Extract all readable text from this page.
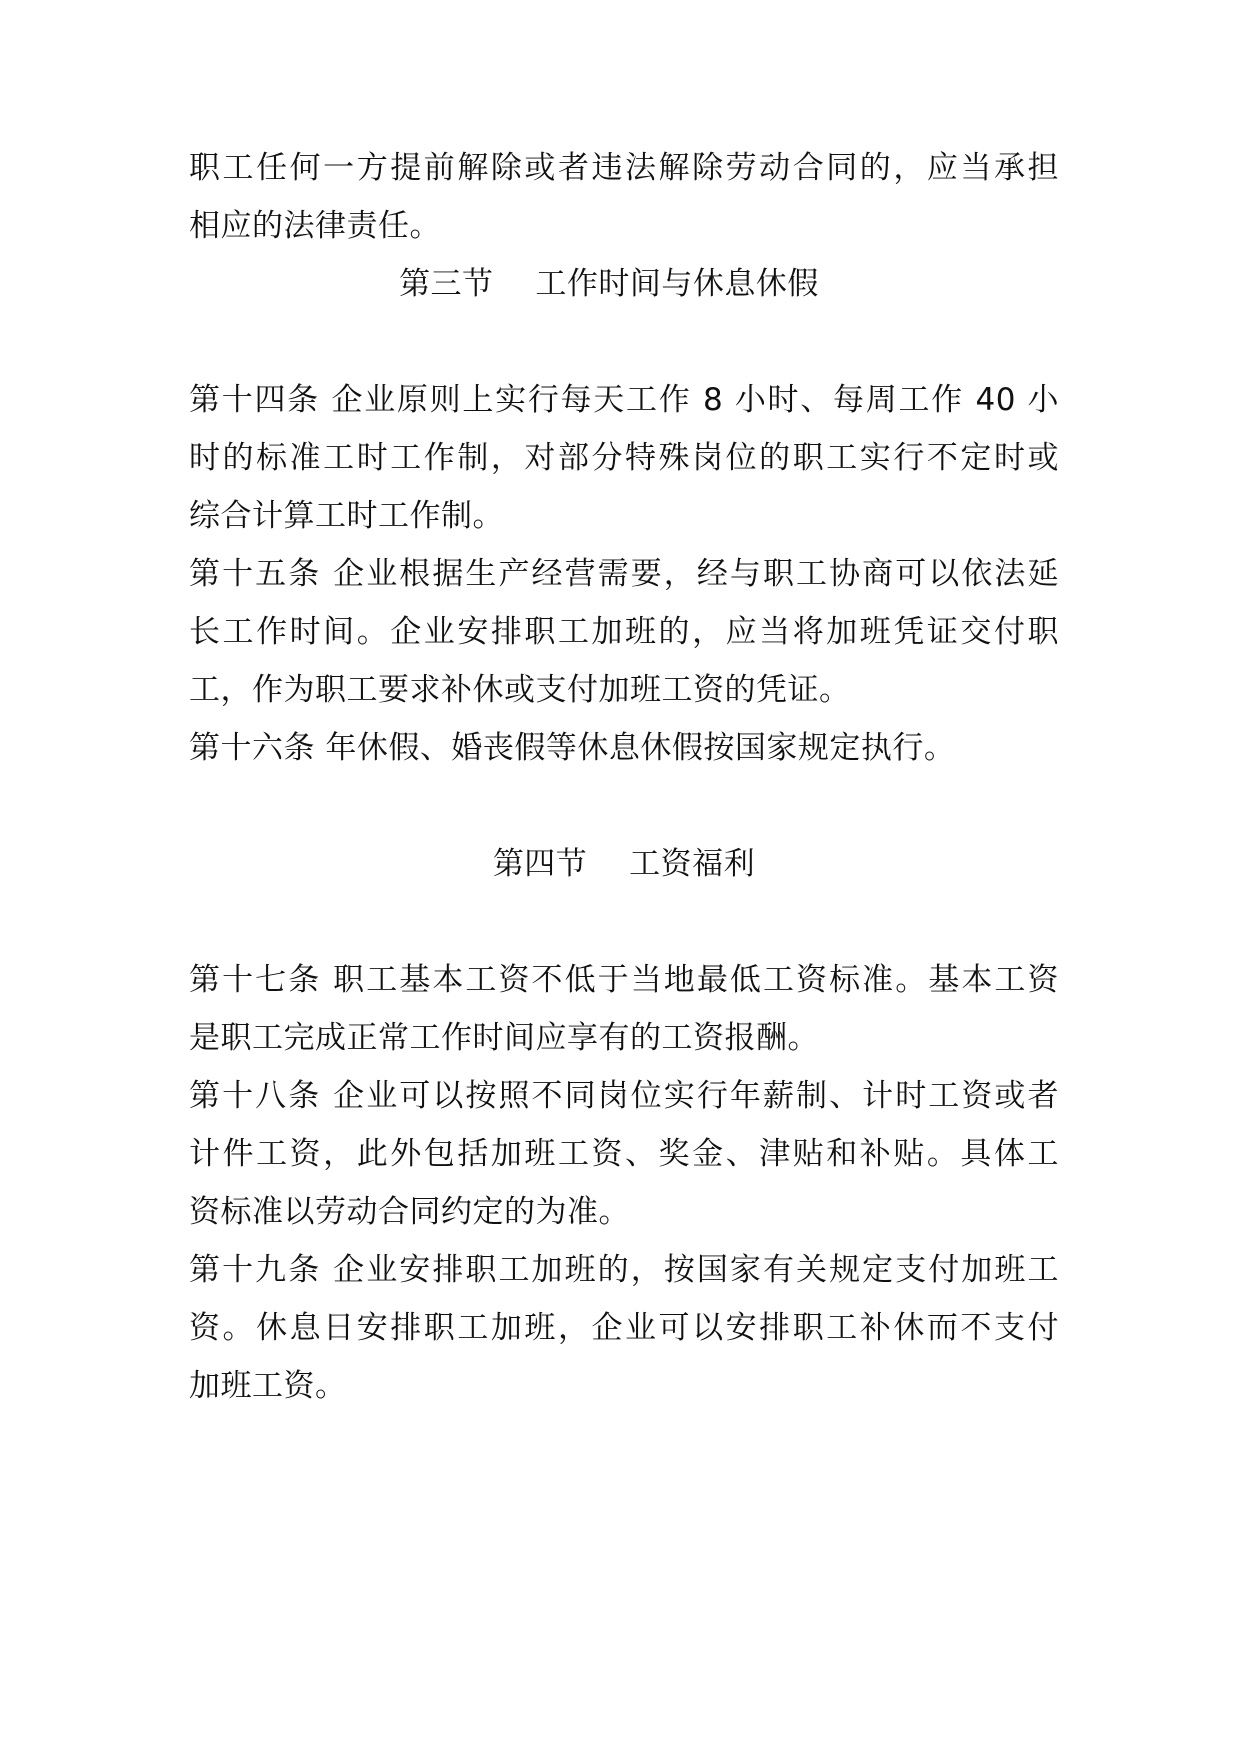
职工任何一方提前解除或者违法解除劳动合同的，应当承担
相应的法律责任。
第三节　 工作时间与休息休假
第十四条 企业原则上实行每天工作 8 小时、每周工作 40 小
时的标准工时工作制，对部分特殊岗位的职工实行不定时或
综合计算工时工作制。
第十五条 企业根据生产经营需要，经与职工协商可以依法延
长工作时间。企业安排职工加班的，应当将加班凭证交付职
工，作为职工要求补休或支付加班工资的凭证。
第十六条 年休假、婚丧假等休息休假按国家规定执行。
第四节　 工资福利
第十七条 职工基本工资不低于当地最低工资标准。基本工资
是职工完成正常工作时间应享有的工资报酬。
第十八条 企业可以按照不同岗位实行年薪制、计时工资或者
计件工资，此外包括加班工资、奖金、津贴和补贴。具体工
资标准以劳动合同约定的为准。
第十九条 企业安排职工加班的，按国家有关规定支付加班工
资。休息日安排职工加班，企业可以安排职工补休而不支付
加班工资。
